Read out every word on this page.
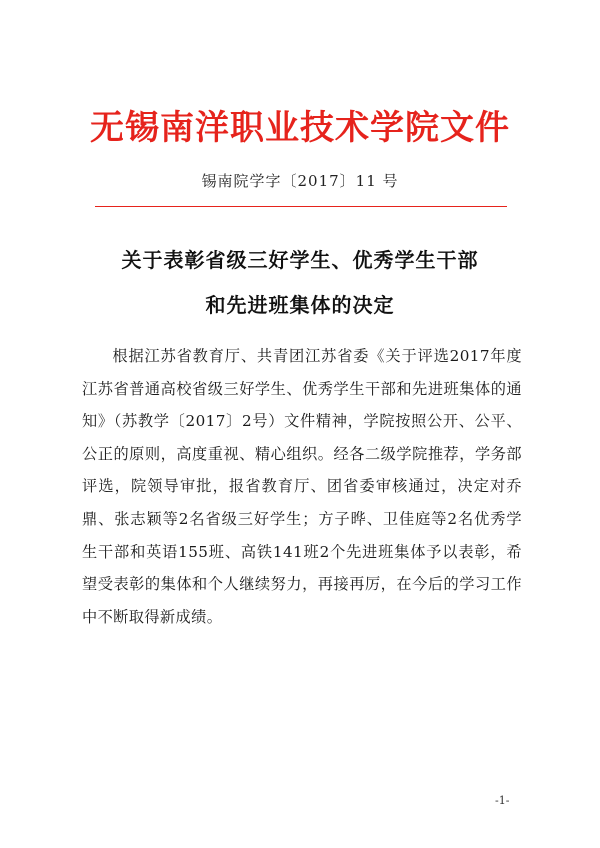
无锡南洋职业技术学院文件
锡南院学字〔2017〕11 号
关于表彰省级三好学生、优秀学生干部
和先进班集体的决定
根据江苏省教育厅、共青团江苏省委《关于评选2017年度江苏省普通高校省级三好学生、优秀学生干部和先进班集体的通知》（苏教学〔2017〕2号）文件精神，学院按照公开、公平、公正的原则，高度重视、精心组织。经各二级学院推荐，学务部评选，院领导审批，报省教育厅、团省委审核通过，决定对乔鼎、张志颖等2名省级三好学生；方子晔、卫佳庭等2名优秀学生干部和英语155班、高铁141班2个先进班集体予以表彰，希望受表彰的集体和个人继续努力，再接再厉，在今后的学习工作中不断取得新成绩。
-1-
